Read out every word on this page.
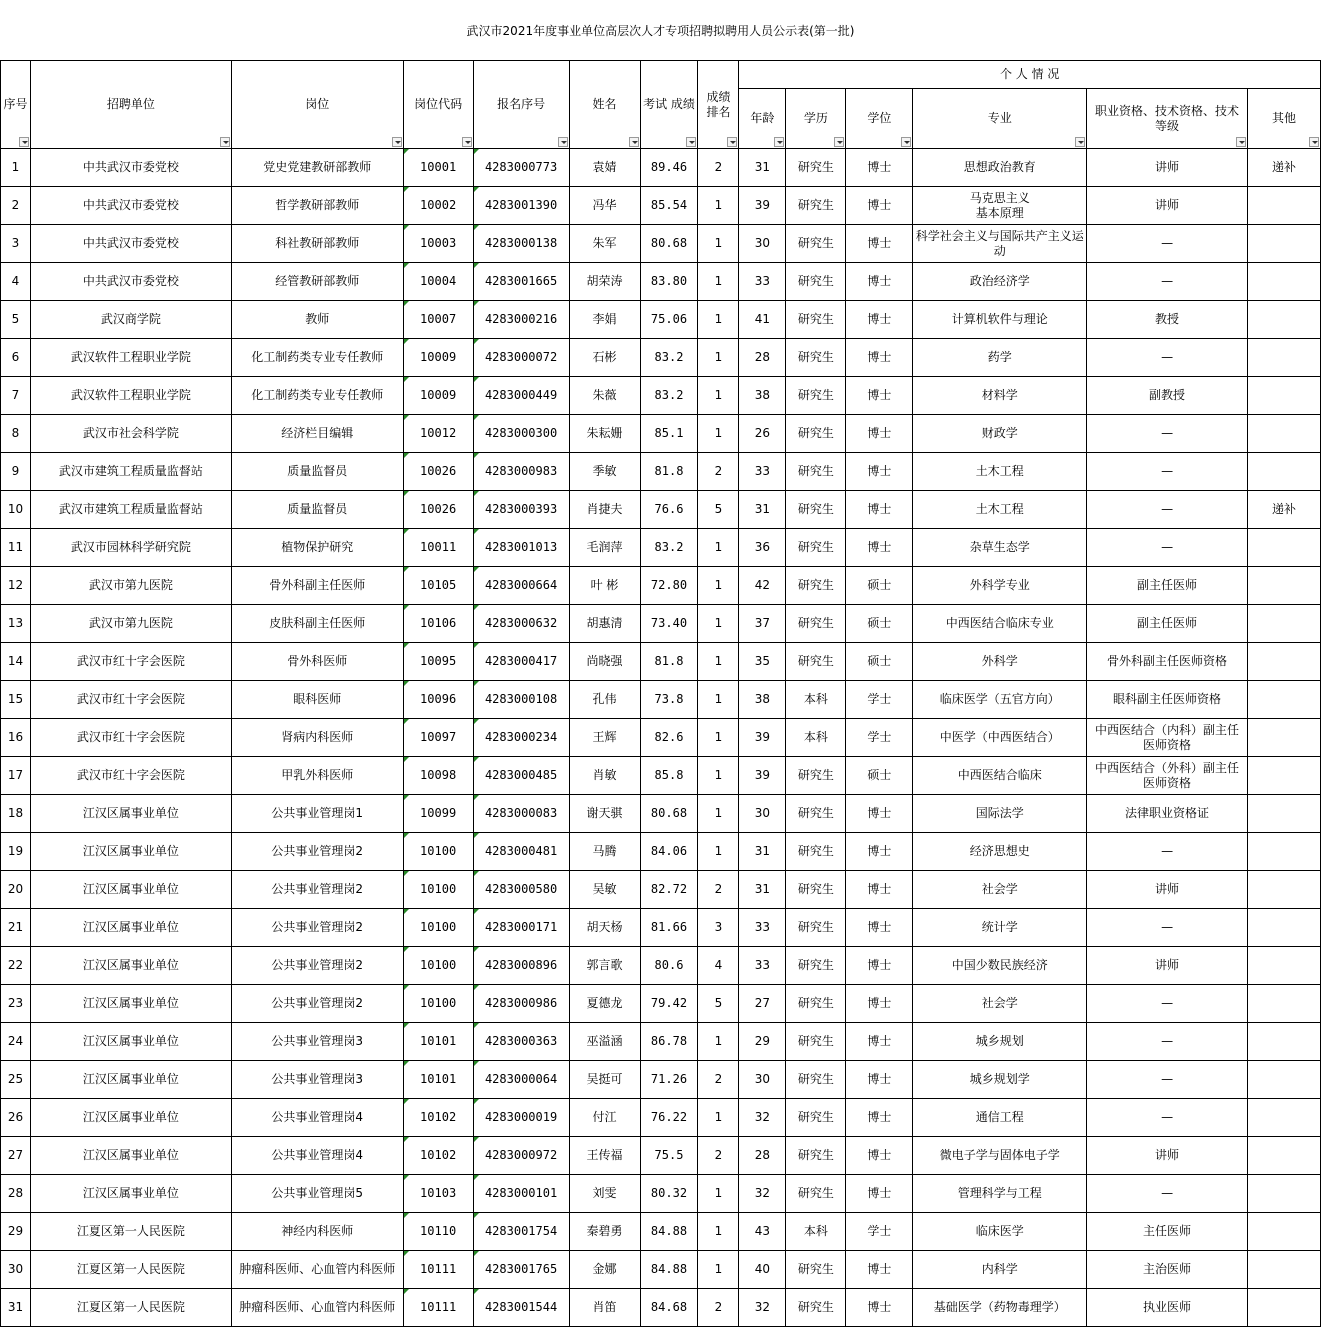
武汉市2021年度事业单位高层次人才专项招聘拟聘用人员公示表(第一批)
序号	招聘单位	岗位	岗位代码	报名序号	姓名	考试 成绩	成绩排名	个 人 情 况					
								年龄	学历	学位	专业	职业资格、技术资格、技术等级	其他

1	中共武汉市委党校	党史党建教研部教师	10001	4283000773	袁婧	89.46	2	31	研究生	博士	思想政治教育	讲师	递补
2	中共武汉市委党校	哲学教研部教师	10002	4283001390	冯华	85.54	1	39	研究生	博士	马克思主义
基本原理	讲师	
3	中共武汉市委党校	科社教研部教师	10003	4283000138	朱军	80.68	1	30	研究生	博士	科学社会主义与国际共产主义运动	—	
4	中共武汉市委党校	经管教研部教师	10004	4283001665	胡荣涛	83.80	1	33	研究生	博士	政治经济学	—	
5	武汉商学院	教师	10007	4283000216	李娟	75.06	1	41	研究生	博士	计算机软件与理论	教授	
6	武汉软件工程职业学院	化工制药类专业专任教师	10009	4283000072	石彬	83.2	1	28	研究生	博士	药学	—	
7	武汉软件工程职业学院	化工制药类专业专任教师	10009	4283000449	朱薇	83.2	1	38	研究生	博士	材料学	副教授	
8	武汉市社会科学院	经济栏目编辑	10012	4283000300	朱耘姗	85.1	1	26	研究生	博士	财政学	—	
9	武汉市建筑工程质量监督站	质量监督员	10026	4283000983	季敏	81.8	2	33	研究生	博士	土木工程	—	
10	武汉市建筑工程质量监督站	质量监督员	10026	4283000393	肖捷夫	76.6	5	31	研究生	博士	土木工程	—	递补
11	武汉市园林科学研究院	植物保护研究	10011	4283001013	毛润萍	83.2	1	36	研究生	博士	杂草生态学	—	
12	武汉市第九医院	骨外科副主任医师	10105	4283000664	叶 彬	72.80	1	42	研究生	硕士	外科学专业	副主任医师	
13	武汉市第九医院	皮肤科副主任医师	10106	4283000632	胡惠清	73.40	1	37	研究生	硕士	中西医结合临床专业	副主任医师	
14	武汉市红十字会医院	骨外科医师	10095	4283000417	尚晓强	81.8	1	35	研究生	硕士	外科学	骨外科副主任医师资格	
15	武汉市红十字会医院	眼科医师	10096	4283000108	孔伟	73.8	1	38	本科	学士	临床医学（五官方向）	眼科副主任医师资格	
16	武汉市红十字会医院	肾病内科医师	10097	4283000234	王辉	82.6	1	39	本科	学士	中医学（中西医结合）	中西医结合（内科）副主任医师资格	
17	武汉市红十字会医院	甲乳外科医师	10098	4283000485	肖敏	85.8	1	39	研究生	硕士	中西医结合临床	中西医结合（外科）副主任医师资格	
18	江汉区属事业单位	公共事业管理岗1	10099	4283000083	谢天骐	80.68	1	30	研究生	博士	国际法学	法律职业资格证	
19	江汉区属事业单位	公共事业管理岗2	10100	4283000481	马腾	84.06	1	31	研究生	博士	经济思想史	—	
20	江汉区属事业单位	公共事业管理岗2	10100	4283000580	吴敏	82.72	2	31	研究生	博士	社会学	讲师	
21	江汉区属事业单位	公共事业管理岗2	10100	4283000171	胡天杨	81.66	3	33	研究生	博士	统计学	—	
22	江汉区属事业单位	公共事业管理岗2	10100	4283000896	郭言歌	80.6	4	33	研究生	博士	中国少数民族经济	讲师	
23	江汉区属事业单位	公共事业管理岗2	10100	4283000986	夏德龙	79.42	5	27	研究生	博士	社会学	—	
24	江汉区属事业单位	公共事业管理岗3	10101	4283000363	巫溢涵	86.78	1	29	研究生	博士	城乡规划	—	
25	江汉区属事业单位	公共事业管理岗3	10101	4283000064	吴挺可	71.26	2	30	研究生	博士	城乡规划学	—	
26	江汉区属事业单位	公共事业管理岗4	10102	4283000019	付江	76.22	1	32	研究生	博士	通信工程	—	
27	江汉区属事业单位	公共事业管理岗4	10102	4283000972	王传福	75.5	2	28	研究生	博士	微电子学与固体电子学	讲师	
28	江汉区属事业单位	公共事业管理岗5	10103	4283000101	刘雯	80.32	1	32	研究生	博士	管理科学与工程	—	
29	江夏区第一人民医院	神经内科医师	10110	4283001754	秦碧勇	84.88	1	43	本科	学士	临床医学	主任医师	
30	江夏区第一人民医院	肿瘤科医师、心血管内科医师	10111	4283001765	金娜	84.88	1	40	研究生	博士	内科学	主治医师	
31	江夏区第一人民医院	肿瘤科医师、心血管内科医师	10111	4283001544	肖笛	84.68	2	32	研究生	博士	基础医学（药物毒理学）	执业医师	
